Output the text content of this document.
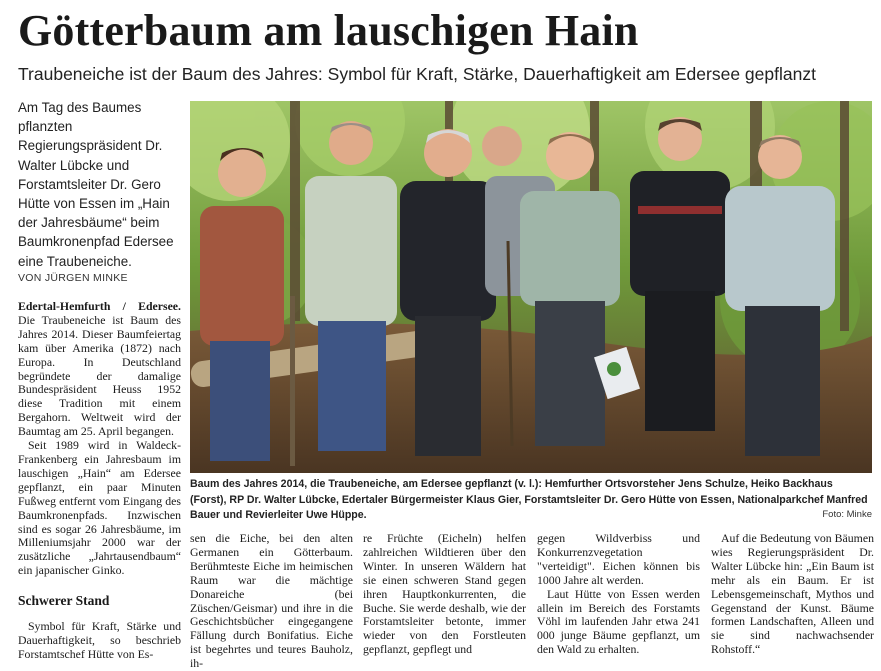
Götterbaum am lauschigen Hain
Traubeneiche ist der Baum des Jahres: Symbol für Kraft, Stärke, Dauerhaftigkeit am Edersee gepflanzt
Am Tag des Baumes pflanzten Regierungspräsident Dr. Walter Lübcke und Forstamtsleiter Dr. Gero Hütte von Essen im „Hain der Jahresbäume“ beim Baumkronenpfad Edersee eine Traubeneiche.
VON JÜRGEN MINKE

Edertal-Hemfurth / Edersee. Die Traubeneiche ist Baum des Jahres 2014. Dieser Baumfeiertag kam über Amerika (1872) nach Europa. In Deutschland begründete der damalige Bundespräsident Heuss 1952 diese Tradition mit einem Bergahorn. Weltweit wird der Baumtag am 25. April begangen.

Seit 1989 wird in Waldeck-Frankenberg ein Jahresbaum im lauschigen „Hain“ am Edersee gepflanzt, ein paar Minuten Fußweg entfernt vom Eingang des Baumkronenpfads. Inzwischen sind es sogar 26 Jahresbäume, im Milleniumsjahr 2000 war der zusätzliche „Jahrtausendbaum“ ein japanischer Ginko.

Schwerer Stand

Symbol für Kraft, Stärke und Dauerhaftigkeit, so beschrieb Forstamtschef Hütte von Es-

Baum des Jahres 2014, die Traubeneiche, am Edersee gepflanzt (v. l.): Hemfurther Ortsvorsteher Jens Schulze, Heiko Backhaus (Forst), RP Dr. Walter Lübcke, Edertaler Bürgermeister Klaus Gier, Forstamtsleiter Dr. Gero Hütte von Essen, Nationalparkchef Manfred Bauer und Revierleiter Uwe Hüppe.	Foto: Minke

sen die Eiche, bei den alten Germanen ein Götterbaum. Berühmteste Eiche im heimischen Raum war die mächtige Donareiche (bei Züschen/Geismar) und ihre in die Geschichtsbücher eingegangene Fällung durch Bonifatius. Eiche ist begehrtes und teures Bauholz, ih-

re Früchte (Eicheln) helfen zahlreichen Wildtieren über den Winter. In unseren Wäldern hat sie einen schweren Stand gegen ihren Hauptkonkurrenten, die Buche. Sie werde deshalb, wie der Forstamtsleiter betonte, immer wieder von den Forstleuten gepflanzt, gepflegt und

gegen Wildverbiss und Konkurrenzvegetation "verteidigt". Eichen können bis 1000 Jahre alt werden.

Laut Hütte von Essen werden allein im Bereich des Forstamts Vöhl im laufenden Jahr etwa 241 000 junge Bäume gepflanzt, um den Wald zu erhalten.

Auf die Bedeutung von Bäumen wies Regierungspräsident Dr. Walter Lübcke hin: „Ein Baum ist mehr als ein Baum. Er ist Lebensgemeinschaft, Mythos und Gegenstand der Kunst. Bäume formen Landschaften, Alleen und sie sind nachwachsender Rohstoff.“
